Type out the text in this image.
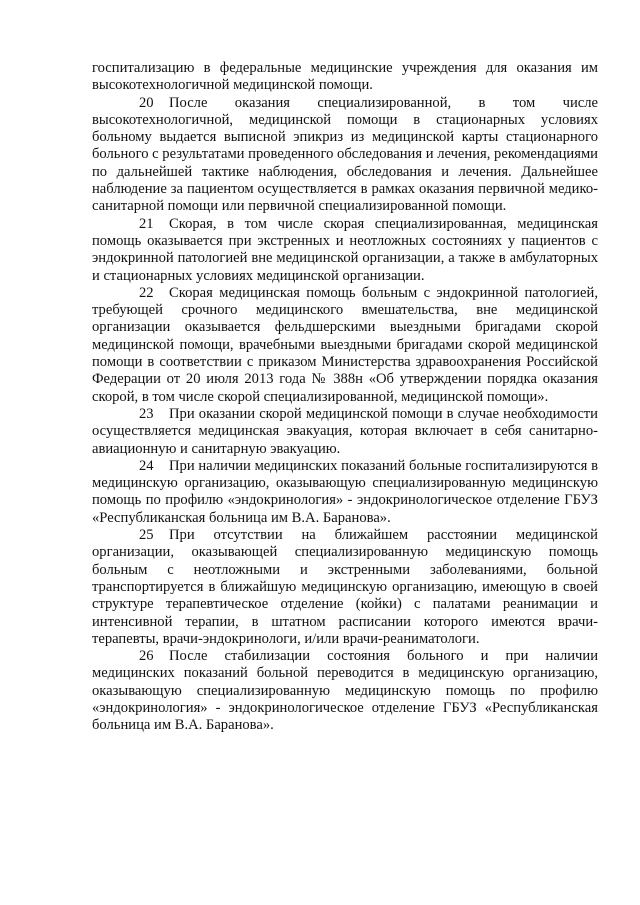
госпитализацию в федеральные медицинские учреждения для оказания им высокотехнологичной медицинской помощи.

20 После оказания специализированной, в том числе высокотехнологичной, медицинской помощи в стационарных условиях больному выдается выписной эпикриз из медицинской карты стационарного больного с результатами проведенного обследования и лечения, рекомендациями по дальнейшей тактике наблюдения, обследования и лечения. Дальнейшее наблюдение за пациентом осуществляется в рамках оказания первичной медико-санитарной помощи или первичной специализированной помощи.

21 Скорая, в том числе скорая специализированная, медицинская помощь оказывается при экстренных и неотложных состояниях у пациентов с эндокринной патологией вне медицинской организации, а также в амбулаторных и стационарных условиях медицинской организации.

22 Скорая медицинская помощь больным с эндокринной патологией, требующей срочного медицинского вмешательства, вне медицинской организации оказывается фельдшерскими выездными бригадами скорой медицинской помощи, врачебными выездными бригадами скорой медицинской помощи в соответствии с приказом Министерства здравоохранения Российской Федерации от 20 июля 2013 года № 388н «Об утверждении порядка оказания скорой, в том числе скорой специализированной, медицинской помощи».

23 При оказании скорой медицинской помощи в случае необходимости осуществляется медицинская эвакуация, которая включает в себя санитарно-авиационную и санитарную эвакуацию.

24 При наличии медицинских показаний больные госпитализируются в медицинскую организацию, оказывающую специализированную медицинскую помощь по профилю «эндокринология» - эндокринологическое отделение ГБУЗ «Республиканская больница им В.А. Баранова».

25 При отсутствии на ближайшем расстоянии медицинской организации, оказывающей специализированную медицинскую помощь больным с неотложными и экстренными заболеваниями, больной транспортируется в ближайшую медицинскую организацию, имеющую в своей структуре терапевтическое отделение (койки) с палатами реанимации и интенсивной терапии, в штатном расписании которого имеются врачи-терапевты, врачи-эндокринологи, и/или врачи-реаниматологи.

26 После стабилизации состояния больного и при наличии медицинских показаний больной переводится в медицинскую организацию, оказывающую специализированную медицинскую помощь по профилю «эндокринология» - эндокринологическое отделение ГБУЗ «Республиканская больница им В.А. Баранова».
